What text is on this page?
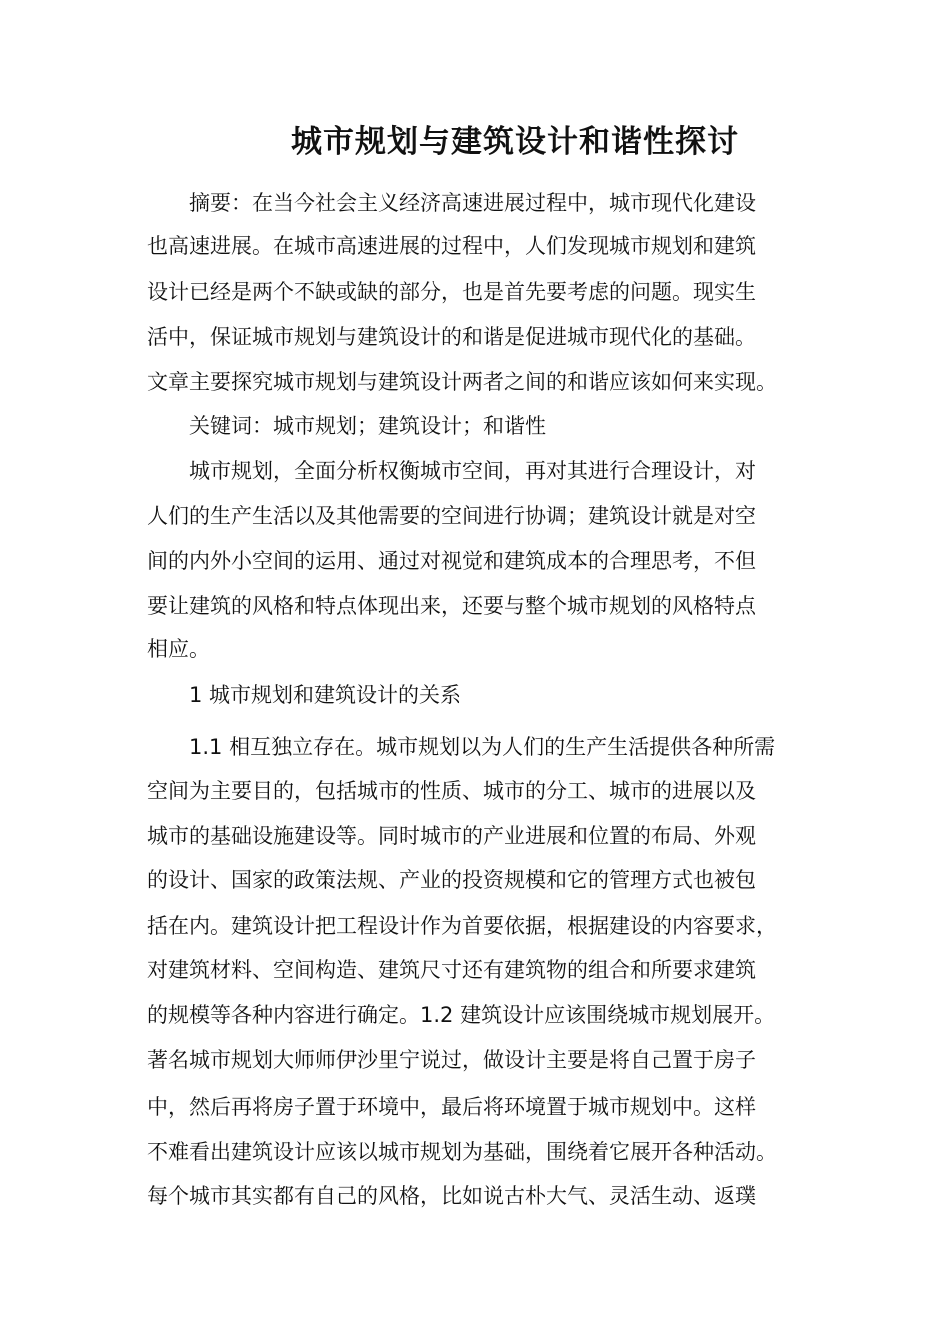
城市规划与建筑设计和谐性探讨
摘要：在当今社会主义经济高速进展过程中，城市现代化建设
也高速进展。在城市高速进展的过程中，人们发现城市规划和建筑
设计已经是两个不缺或缺的部分，也是首先要考虑的问题。现实生
活中，保证城市规划与建筑设计的和谐是促进城市现代化的基础。
文章主要探究城市规划与建筑设计两者之间的和谐应该如何来实现。
关键词：城市规划；建筑设计；和谐性
城市规划，全面分析权衡城市空间，再对其进行合理设计，对
人们的生产生活以及其他需要的空间进行协调；建筑设计就是对空
间的内外小空间的运用、通过对视觉和建筑成本的合理思考，不但
要让建筑的风格和特点体现出来，还要与整个城市规划的风格特点
相应。
1 城市规划和建筑设计的关系
1.1 相互独立存在。城市规划以为人们的生产生活提供各种所需
空间为主要目的，包括城市的性质、城市的分工、城市的进展以及
城市的基础设施建设等。同时城市的产业进展和位置的布局、外观
的设计、国家的政策法规、产业的投资规模和它的管理方式也被包
括在内。建筑设计把工程设计作为首要依据，根据建设的内容要求，
对建筑材料、空间构造、建筑尺寸还有建筑物的组合和所要求建筑
的规模等各种内容进行确定。1.2 建筑设计应该围绕城市规划展开。
著名城市规划大师师伊沙里宁说过，做设计主要是将自己置于房子
中，然后再将房子置于环境中，最后将环境置于城市规划中。这样
不难看出建筑设计应该以城市规划为基础，围绕着它展开各种活动。
每个城市其实都有自己的风格，比如说古朴大气、灵活生动、返璞
